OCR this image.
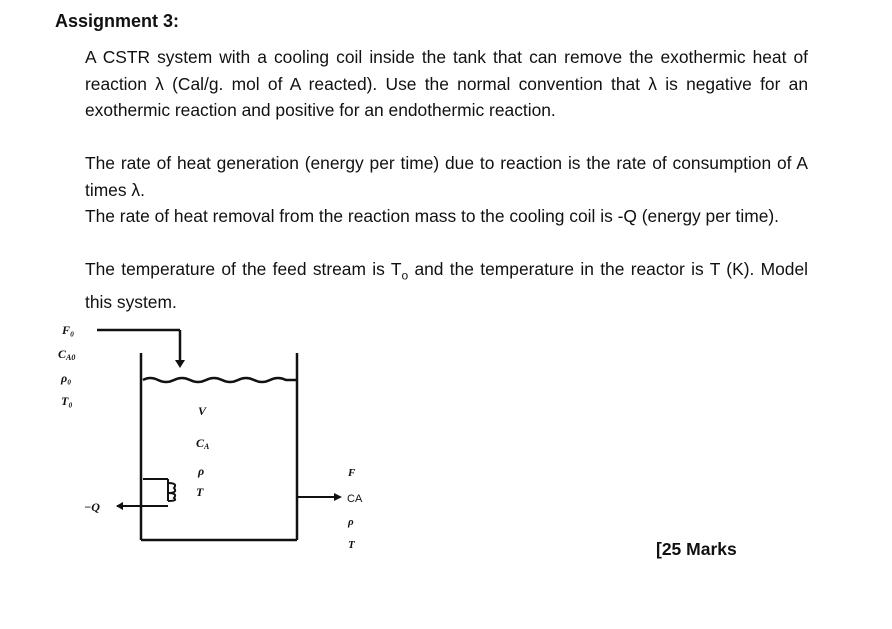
Assignment 3:
A CSTR system with a cooling coil inside the tank that can remove the exothermic heat of reaction λ (Cal/g. mol of A reacted). Use the normal convention that λ is negative for an exothermic reaction and positive for an endothermic reaction.
The rate of heat generation (energy per time) due to reaction is the rate of consumption of A times λ.
The rate of heat removal from the reaction mass to the cooling coil is -Q (energy per time).
The temperature of the feed stream is $T_o$ and the temperature in the reactor is T (K). Model this system.
F₀
CA0
ρ₀
T₀
V
CA
ρ
T
F
CA
ρ
T
−Q
[25 Marks
